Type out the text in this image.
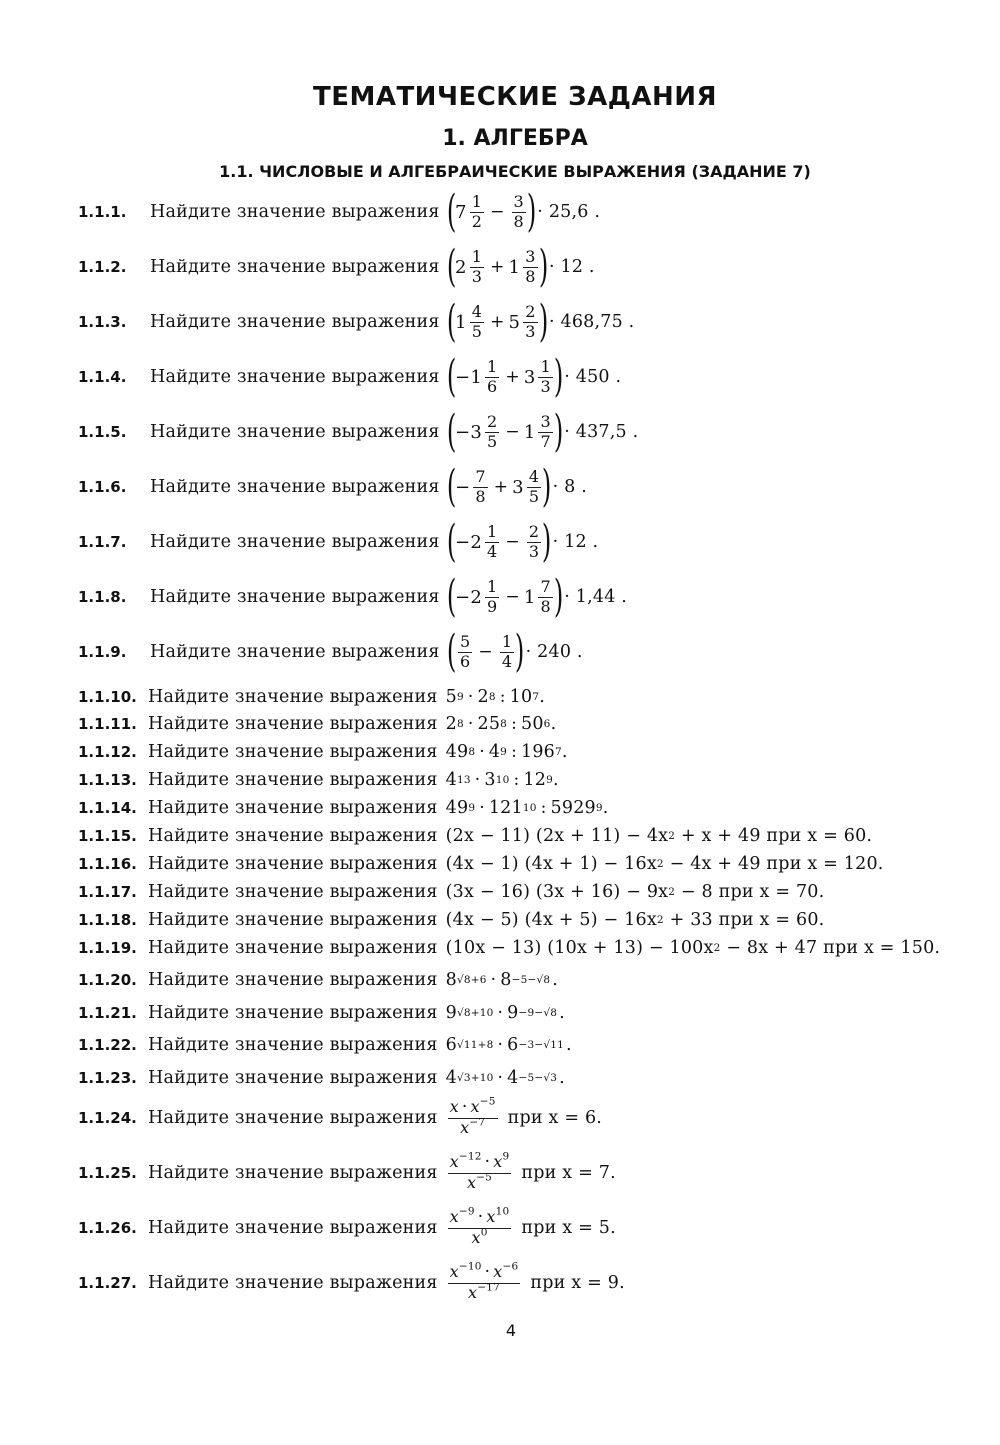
ТЕМАТИЧЕСКИЕ ЗАДАНИЯ
1. АЛГЕБРА
1.1. ЧИСЛОВЫЕ И АЛГЕБРАИЧЕСКИЕ ВЫРАЖЕНИЯ (ЗАДАНИЕ 7)
1.1.1. Найдите значение выражения (
$7 \frac{1}{2} - \frac{3}{8}$ ) · 25,6 .
1.1.2. Найдите значение выражения (
$2 \frac{1}{3} + 1 \frac{3}{8}$ ) · 12 .
1.1.3. Найдите значение выражения (
$1 \frac{4}{5} + 5 \frac{2}{3}$ ) · 468,75 .
1.1.4. Найдите значение выражения (
$-1 \frac{1}{6} + 3 \frac{1}{3}$ ) · 450 .
1.1.5. Найдите значение выражения (
$-3 \frac{2}{5} - 1 \frac{3}{7}$ ) · 437,5 .
1.1.6. Найдите значение выражения (
− $\frac{7}{8} + 3 \frac{4}{5}$ ) · 8 .
1.1.7. Найдите значение выражения (
$-2 \frac{1}{4} - \frac{2}{3}$ ) · 12 .
1.1.8. Найдите значение выражения (
$-2 \frac{1}{9} - 1 \frac{7}{8}$ ) · 1,44 .
1.1.9. Найдите значение выражения ( $\frac{5}{6} - \frac{1}{4}$ ) · 240 .
1.1.10. Найдите значение выражения 5 9 · 2 8 : 10 7 .
1.1.11. Найдите значение выражения 2 8 · 25 8 : 50 6 .
1.1.12. Найдите значение выражения 49 8 · 4 9 : 196 7 .
1.1.13. Найдите значение выражения 4 13 · 3 10 : 12 9 .
1.1.14. Найдите значение выражения 49 9 · 121 10 : 5929 9 .
1.1.15. Найдите значение выражения (2x − 11) (2x + 11) − 4x 2 + x + 49 при x = 60.
1.1.16. Найдите значение выражения (4x − 1) (4x + 1) − 16x 2 − 4x + 49 при x = 120.
1.1.17. Найдите значение выражения (3x − 16) (3x + 16) − 9x 2 − 8 при x = 70.
1.1.18. Найдите значение выражения (4x − 5) (4x + 5) − 16x 2 + 33 при x = 60.
1.1.19. Найдите значение выражения (10x − 13) (10x + 13) − 100x 2 − 8x + 47 при x = 150.
1.1.20. Найдите значение выражения 8 √8+6 · 8 −5−√8 .
1.1.21. Найдите значение выражения 9 √8+10 · 9 −9−√8 .
1.1.22. Найдите значение выражения 6 √11+8 · 6 −3−√11 .
1.1.23. Найдите значение выражения 4 √3+10 · 4 −5−√3 .
1.1.24. Найдите значение выражения $\frac{x \cdot x^{-5}}{x^{-7}}$ при x = 6.
1.1.25. Найдите значение выражения $\frac{x^{-12} \cdot x^9}{x^{-5}}$ при x = 7.
1.1.26. Найдите значение выражения $\frac{x^{-9} \cdot x^{10}}{x^0}$ при x = 5.
1.1.27. Найдите значение выражения $\frac{x^{-10} \cdot x^{-6}}{x^{-17}}$ при x = 9.
4
